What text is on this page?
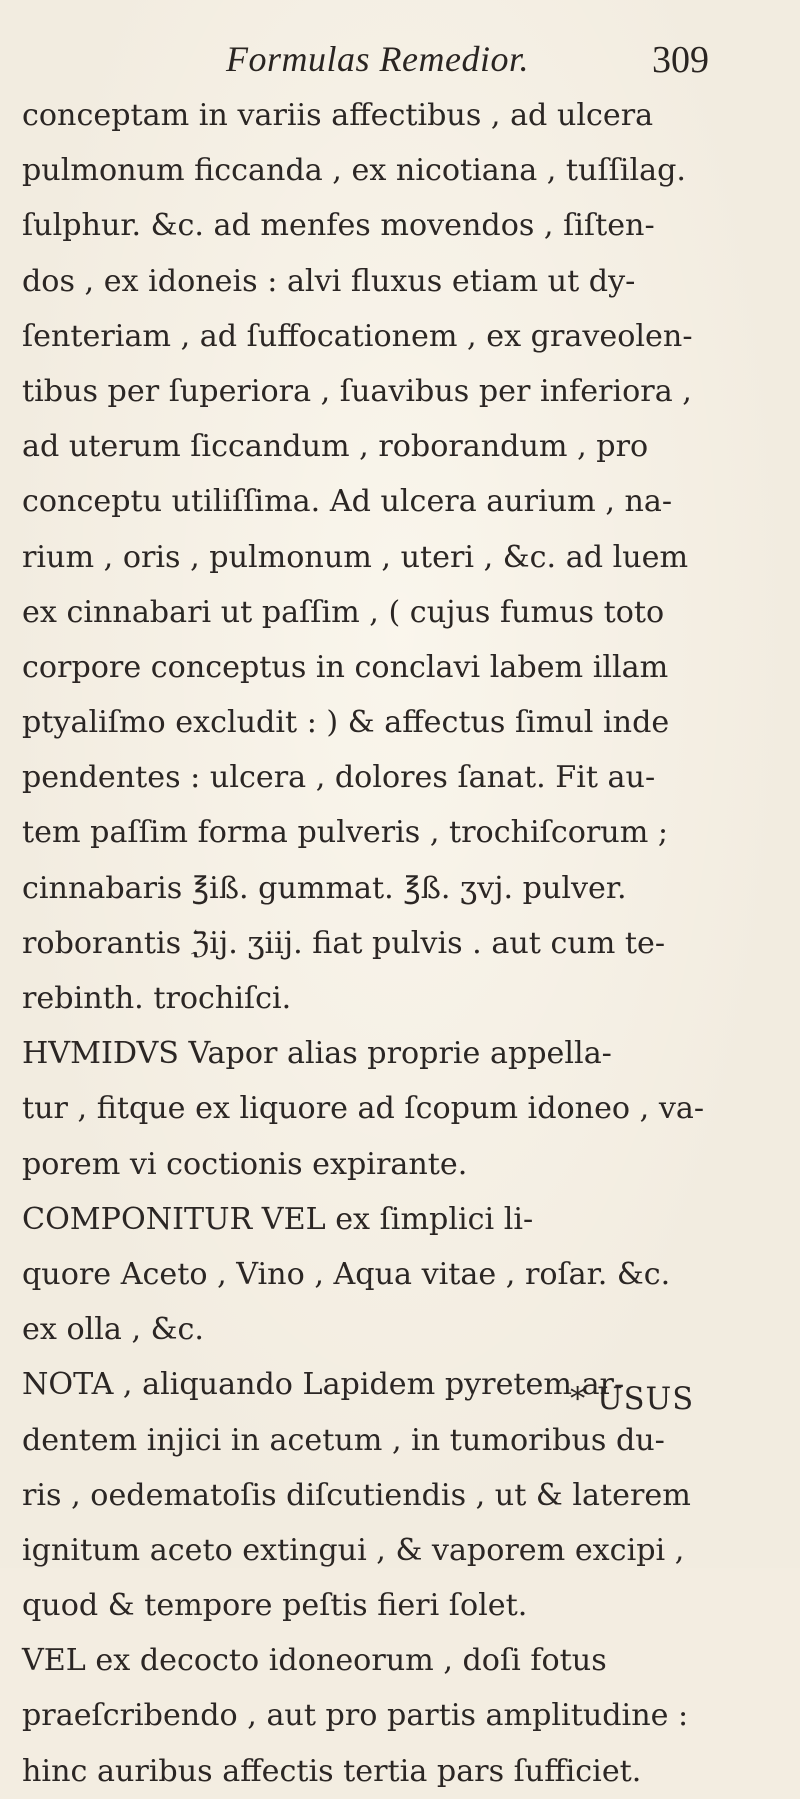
Formulas Remedior.	309
conceptam in variis affectibus , ad ulcera
pulmonum ficcanda , ex nicotiana , tuſſilag.
ſulphur. &c. ad menfes movendos , ſiſten-
dos , ex idoneis : alvi fluxus etiam ut dy-
ſenteriam , ad ſuffocationem , ex graveolen-
tibus per ſuperiora , ſuavibus per inferiora ,
ad uterum ſiccandum , roborandum , pro
conceptu utiliſſima. Ad ulcera aurium , na-
rium , oris , pulmonum , uteri , &c. ad luem
ex cinnabari ut paſſim , ( cujus fumus toto
corpore conceptus in conclavi labem illam
ptyaliſmo excludit : ) & affectus ſimul inde
pendentes : ulcera , dolores ſanat. Fit au-
tem paſſim forma pulveris , trochiſcorum ;
cinnabaris ℥iß. gummat. ℥ß. ʒvj. pulver.
roborantis ℨij. ʒiij. fiat pulvis . aut cum te-
rebinth. trochiſci.
HVMIDVS Vapor alias proprie appella-
tur , fitque ex liquore ad ſcopum idoneo , va-
porem vi coctionis expirante.
COMPONITUR VEL ex ſimplici li-
quore Aceto , Vino , Aqua vitae , roſar. &c.
ex olla , &c.
NOTA , aliquando Lapidem pyretem ar-
dentem injici in acetum , in tumoribus du-
ris , oedematoſis diſcutiendis , ut & laterem
ignitum aceto extingui , & vaporem excipi ,
quod & tempore peſtis fieri ſolet.
VEL ex decocto idoneorum , doſi fotus
praeſcribendo , aut pro partis amplitudine :
hinc auribus affectis tertia pars ſufficiet.
* USUS
